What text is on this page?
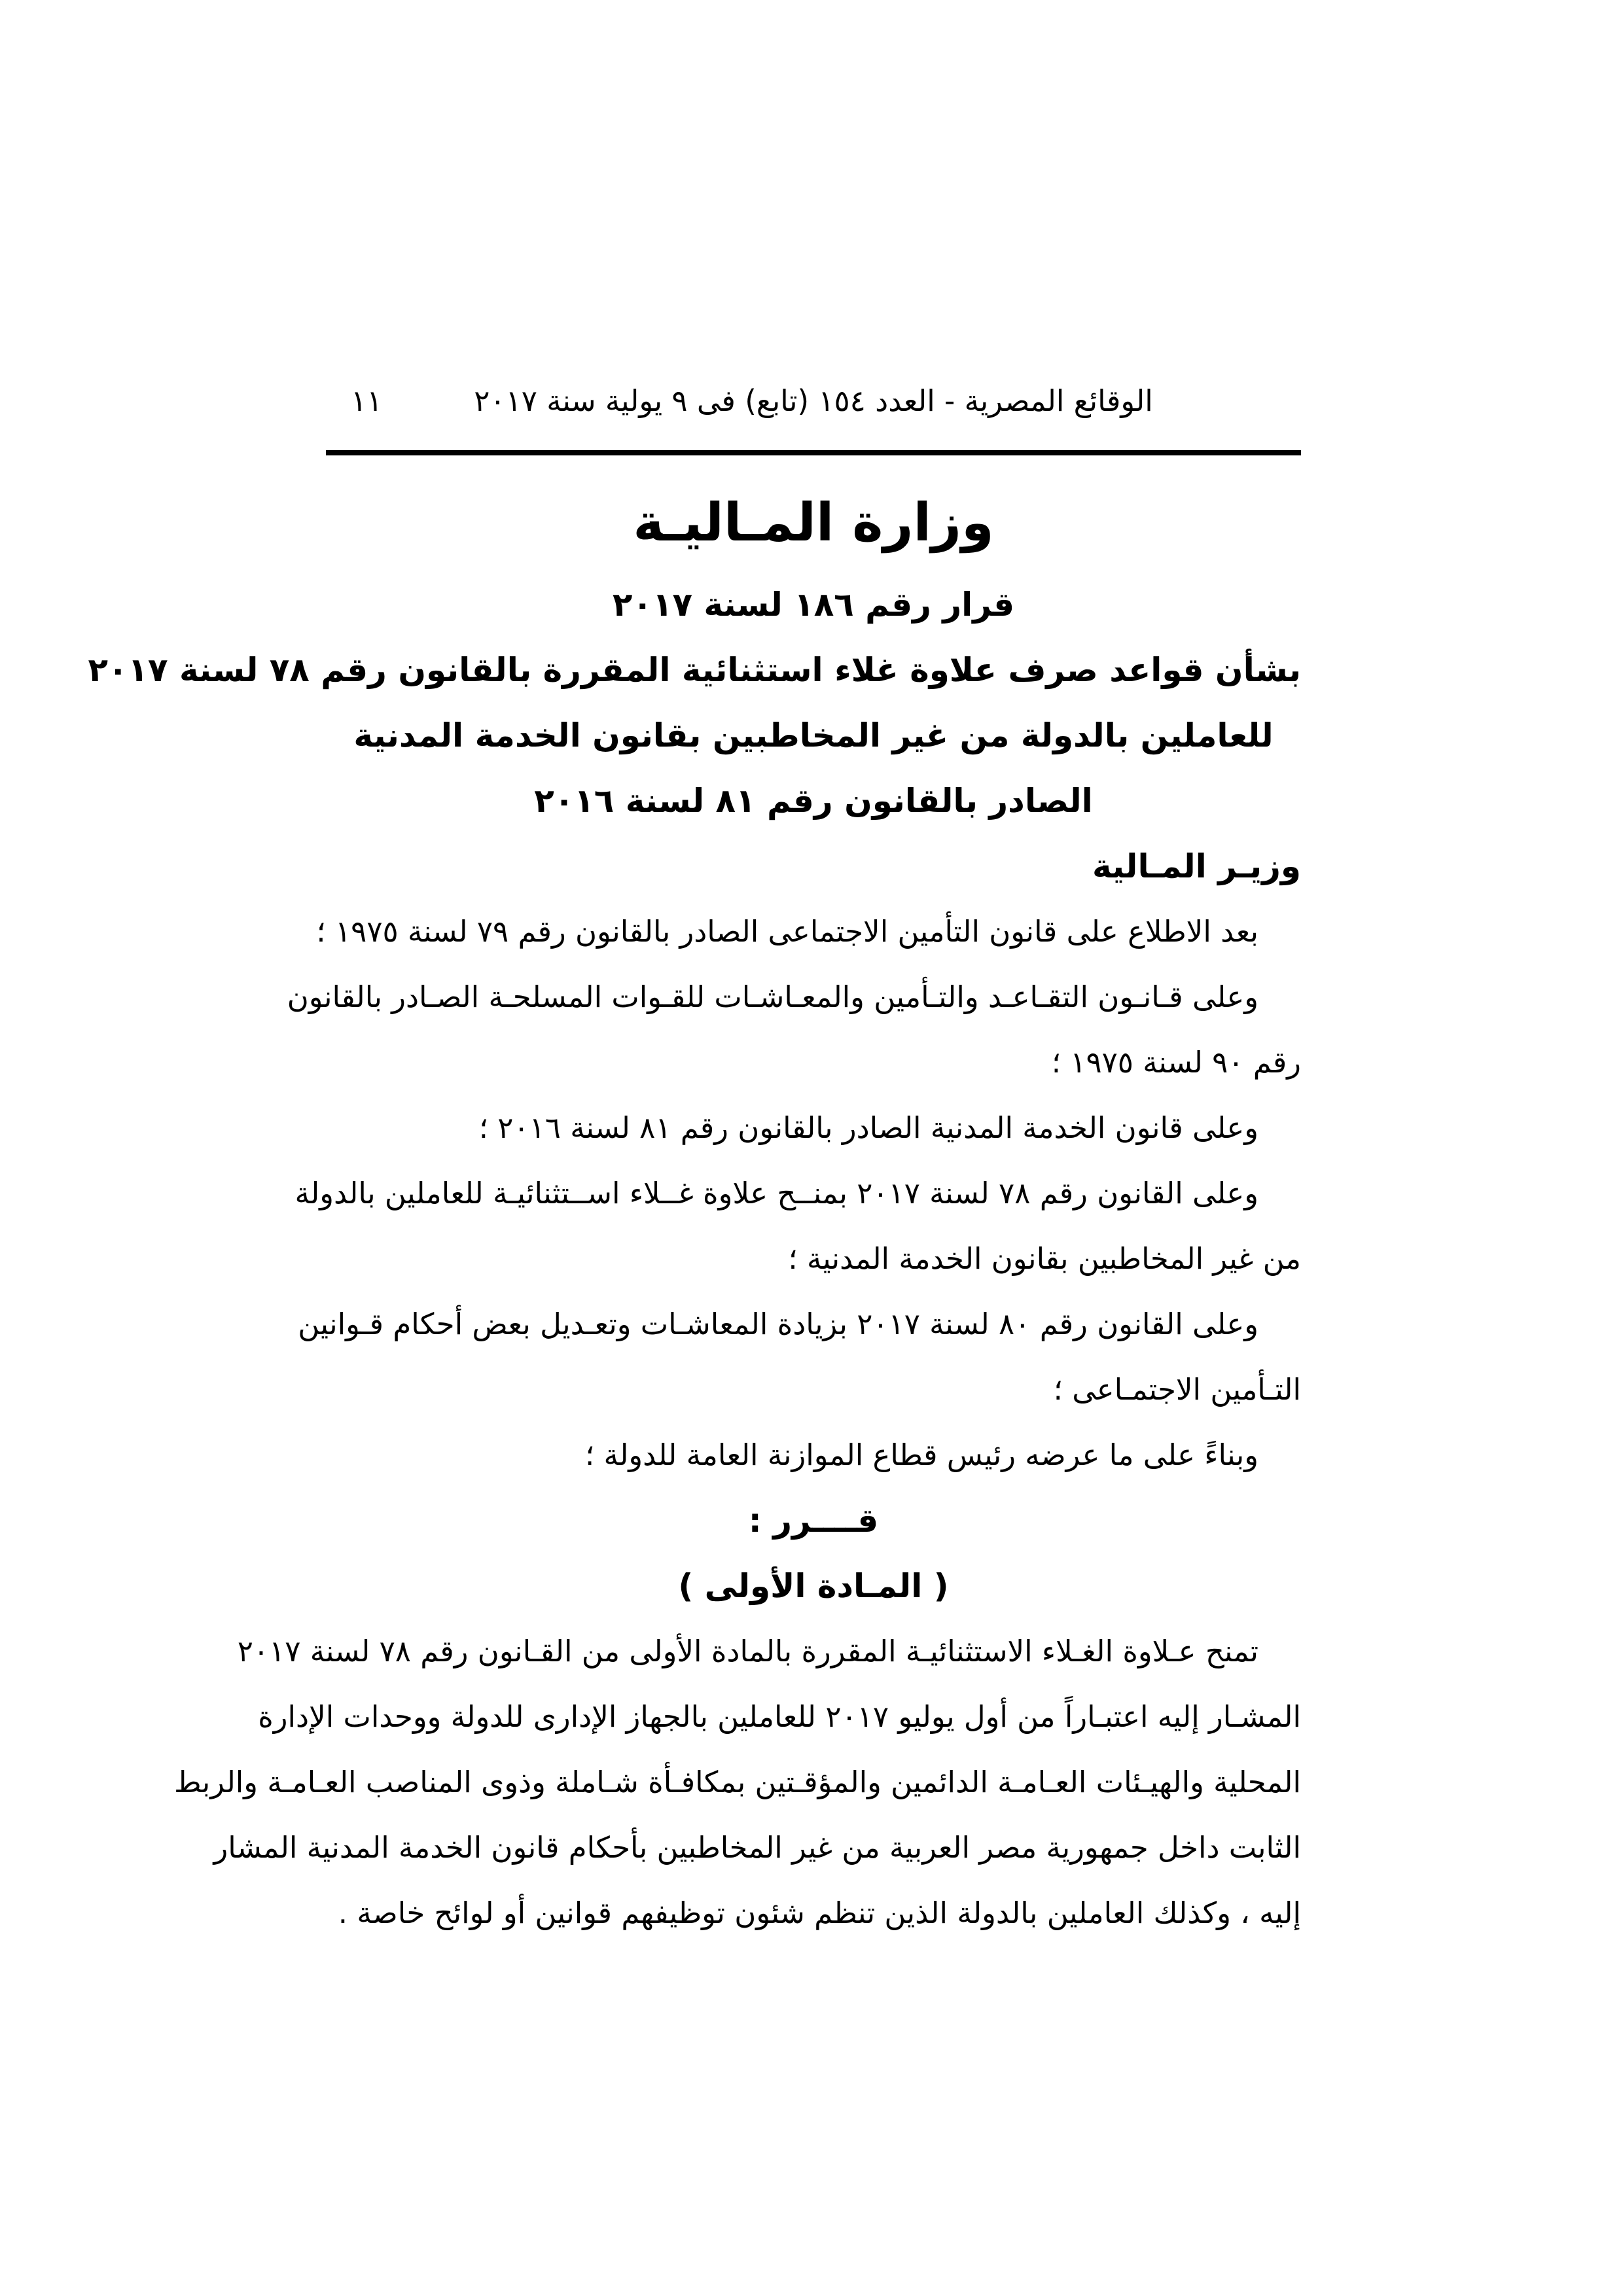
الوقائع المصرية - العدد ١٥٤ (تابع) فى ٩ يولية سنة ٢٠١٧
١١
وزارة المـاليـة
قرار رقم ١٨٦ لسنة ٢٠١٧
بشأن قواعد صرف علاوة غلاء استثنائية المقررة بالقانون رقم ٧٨ لسنة ٢٠١٧
للعاملين بالدولة من غير المخاطبين بقانون الخدمة المدنية
الصادر بالقانون رقم ٨١ لسنة ٢٠١٦
وزيـر المـالية
بعد الاطلاع على قانون التأمين الاجتماعى الصادر بالقانون رقم ٧٩ لسنة ١٩٧٥ ؛
وعلى قـانـون التقـاعـد والتـأمين والمعـاشـات للقـوات المسلحـة الصـادر بالقانون
رقم ٩٠ لسنة ١٩٧٥ ؛
وعلى قانون الخدمة المدنية الصادر بالقانون رقم ٨١ لسنة ٢٠١٦ ؛
وعلى القانون رقم ٧٨ لسنة ٢٠١٧ بمنــح علاوة غــلاء اســتثنائيـة للعاملين بالدولة
من غير المخاطبين بقانون الخدمة المدنية ؛
وعلى القانون رقم ٨٠ لسنة ٢٠١٧ بزيادة المعاشـات وتعـديل بعض أحكام قـوانين
التـأمين الاجتمـاعى ؛
وبناءً على ما عرضه رئيس قطاع الموازنة العامة للدولة ؛
قــــرر :
( المـادة الأولى )
تمنح عـلاوة الغـلاء الاستثنائيـة المقررة بالمادة الأولى من القـانون رقم ٧٨ لسنة ٢٠١٧
المشـار إليه اعتبـاراً من أول يوليو ٢٠١٧ للعاملين بالجهاز الإدارى للدولة ووحدات الإدارة
المحلية والهيـئات العـامـة الدائمين والمؤقـتين بمكافـأة شـاملة وذوى المناصب العـامـة والربط
الثابت داخل جمهورية مصر العربية من غير المخاطبين بأحكام قانون الخدمة المدنية المشار
إليه ، وكذلك العاملين بالدولة الذين تنظم شئون توظيفهم قوانين أو لوائح خاصة .
